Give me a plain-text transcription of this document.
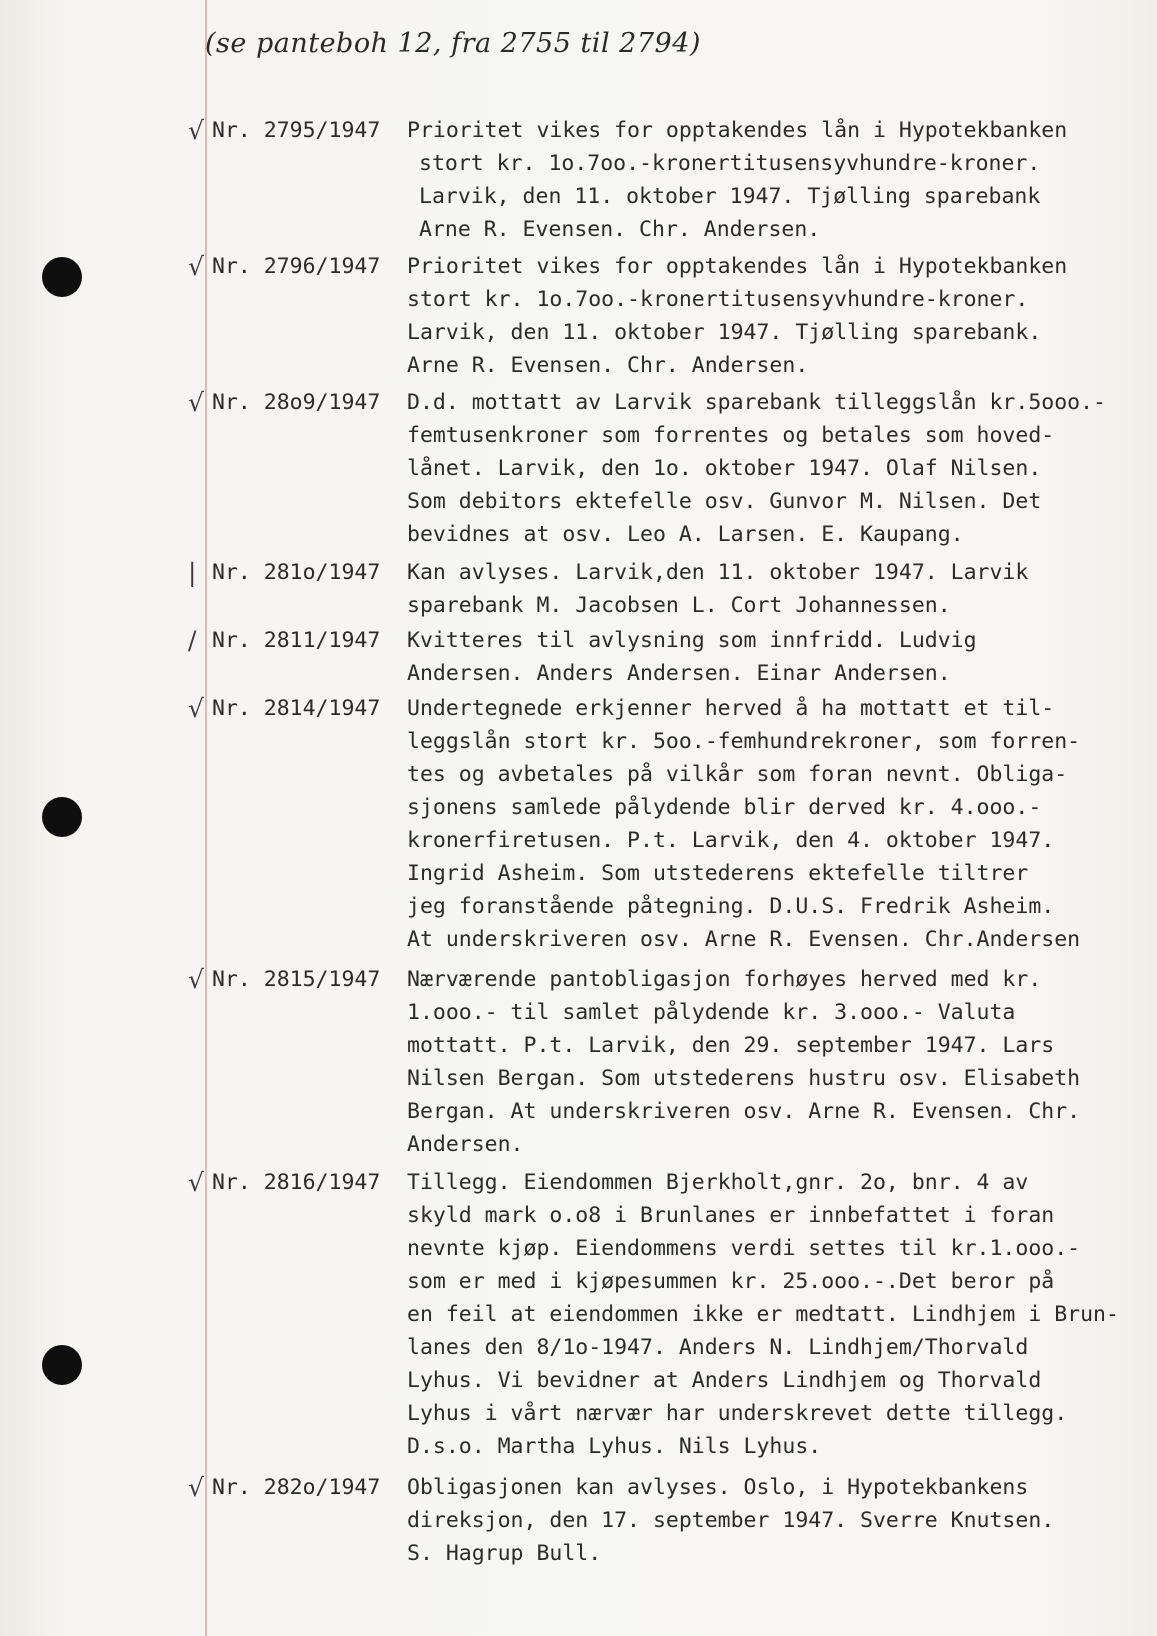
(se panteboh 12, fra 2755 til 2794)
√ Nr. 2795/1947 Prioritet vikes for opptakendes lån i Hypotekbanken
stort kr. 1o.7oo.-kronertitusensyvhundre-kroner.
Larvik, den 11. oktober 1947. Tjølling sparebank
Arne R. Evensen. Chr. Andersen.
√ Nr. 2796/1947 Prioritet vikes for opptakendes lån i Hypotekbanken
stort kr. 1o.7oo.-kronertitusensyvhundre-kroner.
Larvik, den 11. oktober 1947. Tjølling sparebank.
Arne R. Evensen. Chr. Andersen.
√ Nr. 28o9/1947 D.d. mottatt av Larvik sparebank tilleggslån kr.5ooo.-
femtusenkroner som forrentes og betales som hoved-
lånet. Larvik, den 1o. oktober 1947. Olaf Nilsen.
Som debitors ektefelle osv. Gunvor M. Nilsen. Det
bevidnes at osv. Leo A. Larsen. E. Kaupang.
| Nr. 281o/1947 Kan avlyses. Larvik,den 11. oktober 1947. Larvik
sparebank M. Jacobsen L. Cort Johannessen.
/ Nr. 2811/1947 Kvitteres til avlysning som innfridd. Ludvig
Andersen. Anders Andersen. Einar Andersen.
√ Nr. 2814/1947 Undertegnede erkjenner herved å ha mottatt et til-
leggslån stort kr. 5oo.-femhundrekroner, som forren-
tes og avbetales på vilkår som foran nevnt. Obliga-
sjonens samlede pålydende blir derved kr. 4.ooo.-
kronerfiretusen. P.t. Larvik, den 4. oktober 1947.
Ingrid Asheim. Som utstederens ektefelle tiltrer
jeg foranstående påtegning. D.U.S. Fredrik Asheim.
At underskriveren osv. Arne R. Evensen. Chr.Andersen
√ Nr. 2815/1947 Nærværende pantobligasjon forhøyes herved med kr.
1.ooo.- til samlet pålydende kr. 3.ooo.- Valuta
mottatt. P.t. Larvik, den 29. september 1947. Lars
Nilsen Bergan. Som utstederens hustru osv. Elisabeth
Bergan. At underskriveren osv. Arne R. Evensen. Chr.
Andersen.
√ Nr. 2816/1947 Tillegg. Eiendommen Bjerkholt,gnr. 2o, bnr. 4 av
skyld mark o.o8 i Brunlanes er innbefattet i foran
nevnte kjøp. Eiendommens verdi settes til kr.1.ooo.-
som er med i kjøpesummen kr. 25.ooo.-.Det beror på
en feil at eiendommen ikke er medtatt. Lindhjem i Brun-
lanes den 8/1o-1947. Anders N. Lindhjem/Thorvald
Lyhus. Vi bevidner at Anders Lindhjem og Thorvald
Lyhus i vårt nærvær har underskrevet dette tillegg.
D.s.o. Martha Lyhus. Nils Lyhus.
√ Nr. 282o/1947 Obligasjonen kan avlyses. Oslo, i Hypotekbankens
direksjon, den 17. september 1947. Sverre Knutsen.
S. Hagrup Bull.
